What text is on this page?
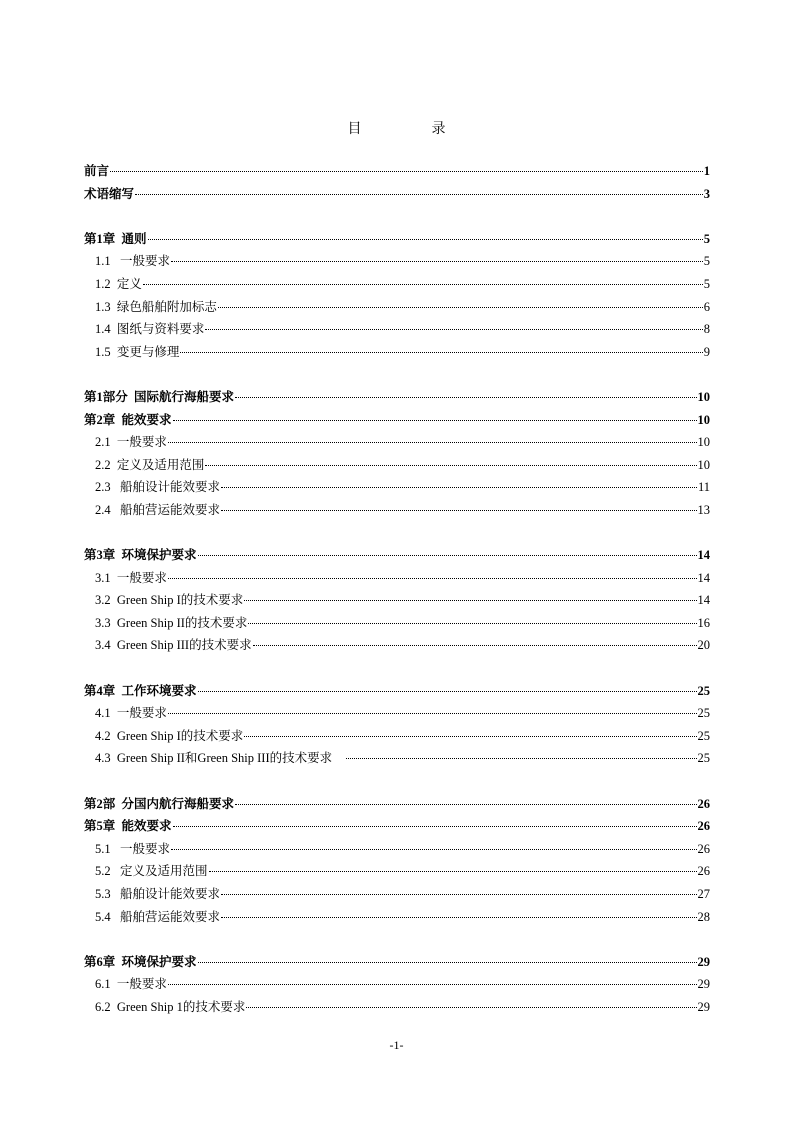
目　录
前言	1
术语缩写	3
第1章  通则	5
1.1   一般要求	5
1.2  定义	5
1.3  绿色船舶附加标志	6
1.4  图纸与资料要求	8
1.5  变更与修理	9
第1部分  国际航行海船要求	10
第2章  能效要求	10
2.1  一般要求	10
2.2  定义及适用范围	10
2.3   船舶设计能效要求	11
2.4   船舶营运能效要求	13
第3章  环境保护要求	14
3.1  一般要求	14
3.2  Green Ship I的技术要求	14
3.3  Green Ship II的技术要求	16
3.4  Green Ship III的技术要求	20
第4章  工作环境要求	25
4.1  一般要求	25
4.2  Green Ship I的技术要求	25
4.3  Green Ship II和Green Ship III的技术要求	25
第2部  分国内航行海船要求	26
第5章  能效要求	26
5.1   一般要求	26
5.2   定义及适用范围	26
5.3   船舶设计能效要求	27
5.4   船舶营运能效要求	28
第6章  环境保护要求	29
6.1  一般要求	29
6.2  Green Ship 1的技术要求	29
-1-
